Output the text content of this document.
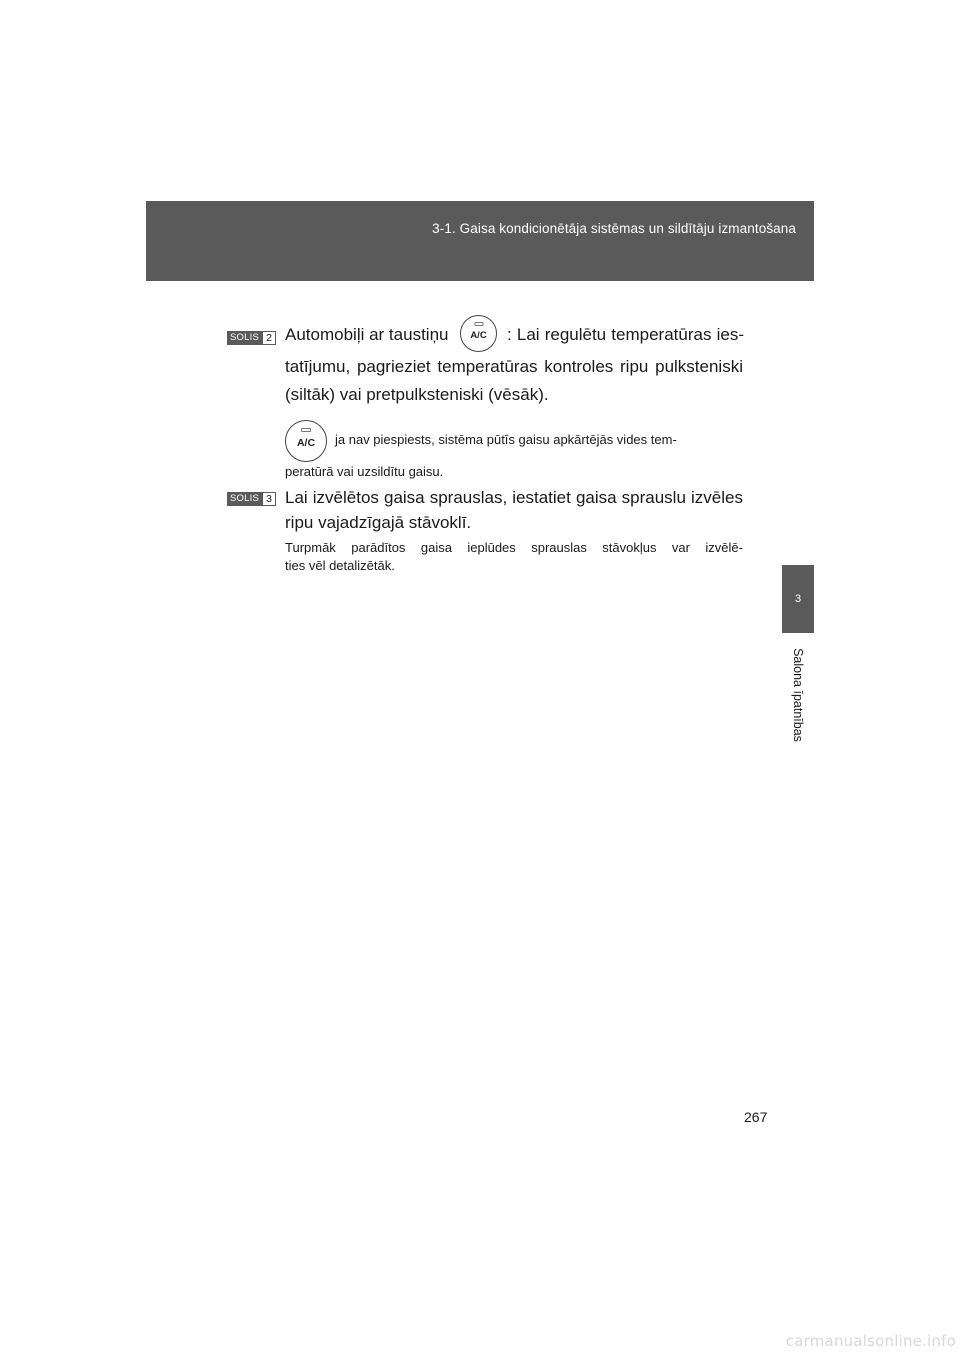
3-1. Gaisa kondicionētāja sistēmas un sildītāju izmantošana
3
Salona īpatnības
SOLIS 2 Automobiļi ar taustiņu	A/C	: Lai regulētu temperatūras ies-
tatījumu, pagrieziet temperatūras kontroles ripu pulksteniski
(siltāk) vai pretpulksteniski (vēsāk).
A/C	ja nav piespiests, sistēma pūtīs gaisu apkārtējās vides tem-
peratūrā vai uzsildītu gaisu.
SOLIS 3 Lai izvēlētos gaisa sprauslas, iestatiet gaisa sprauslu izvēles
ripu vajadzīgajā stāvoklī.
Turpmāk parādītos gaisa ieplūdes sprauslas stāvokļus var izvēlē-
ties vēl detalizētāk.
267
carmanualsonline.info
